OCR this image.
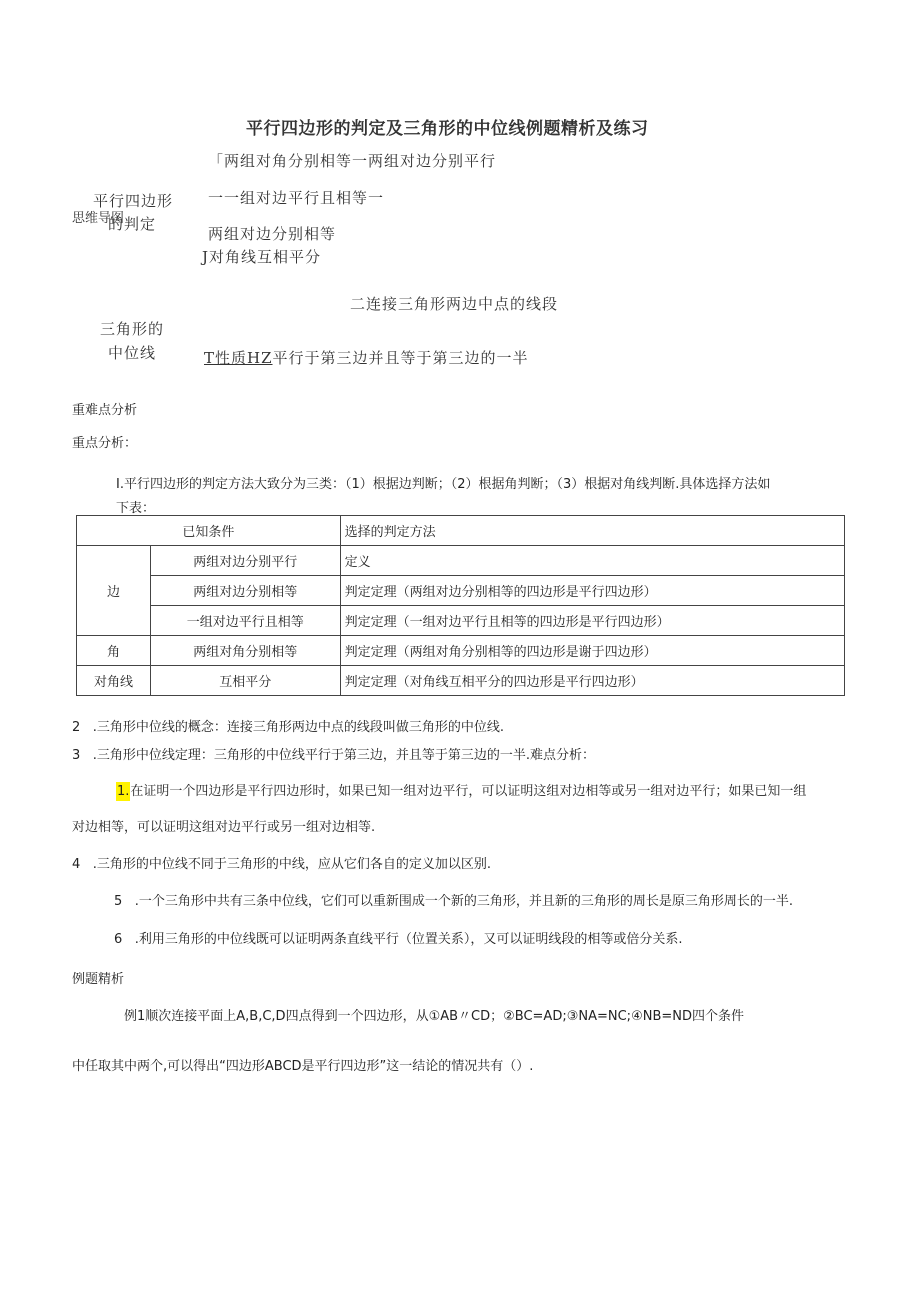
平行四边形的判定及三角形的中位线例题精析及练习
「两组对角分别相等一两组对边分别平行
平行四边形
思维导图
的判定
一一组对边平行且相等一
两组对边分别相等
J对角线互相平分
二连接三角形两边中点的线段
三角形的
中位线	T性质HZ平行于第三边并且等于第三边的一半
重难点分析
重点分析：
I.平行四边形的判定方法大致分为三类：（1）根据边判断；（2）根据角判断；（3）根据对角线判断.具体选择方法如
下表：
已知条件		选择的判定方法
边	两组对边分别平行	定义
	两组对边分别相等	判定定理（两组对边分别相等的四边形是平行四边形）
	一组对边平行且相等	判定定理（一组对边平行且相等的四边形是平行四边形）
角	两组对角分别相等	判定定理（两组对角分别相等的四边形是谢于四边形）
对角线	互相平分	判定定理（对角线互相平分的四边形是平行四边形）
2 .三角形中位线的概念：连接三角形两边中点的线段叫做三角形的中位线.
3 .三角形中位线定理：三角形的中位线平行于第三边，并且等于第三边的一半.难点分析：
1.在证明一个四边形是平行四边形时，如果已知一组对边平行，可以证明这组对边相等或另一组对边平行；如果已知一组
对边相等，可以证明这组对边平行或另一组对边相等.
4 .三角形的中位线不同于三角形的中线，应从它们各自的定义加以区别.
5 .一个三角形中共有三条中位线，它们可以重新围成一个新的三角形，并且新的三角形的周长是原三角形周长的一半.
6 .利用三角形的中位线既可以证明两条直线平行（位置关系），又可以证明线段的相等或倍分关系.
例题精析
例1顺次连接平面上A,B,C,D四点得到一个四边形，从①AB〃CD；②BC=AD;③NA=NC;④NB=ND四个条件
中任取其中两个,可以得出“四边形ABCD是平行四边形”这一结论的情况共有（）.
